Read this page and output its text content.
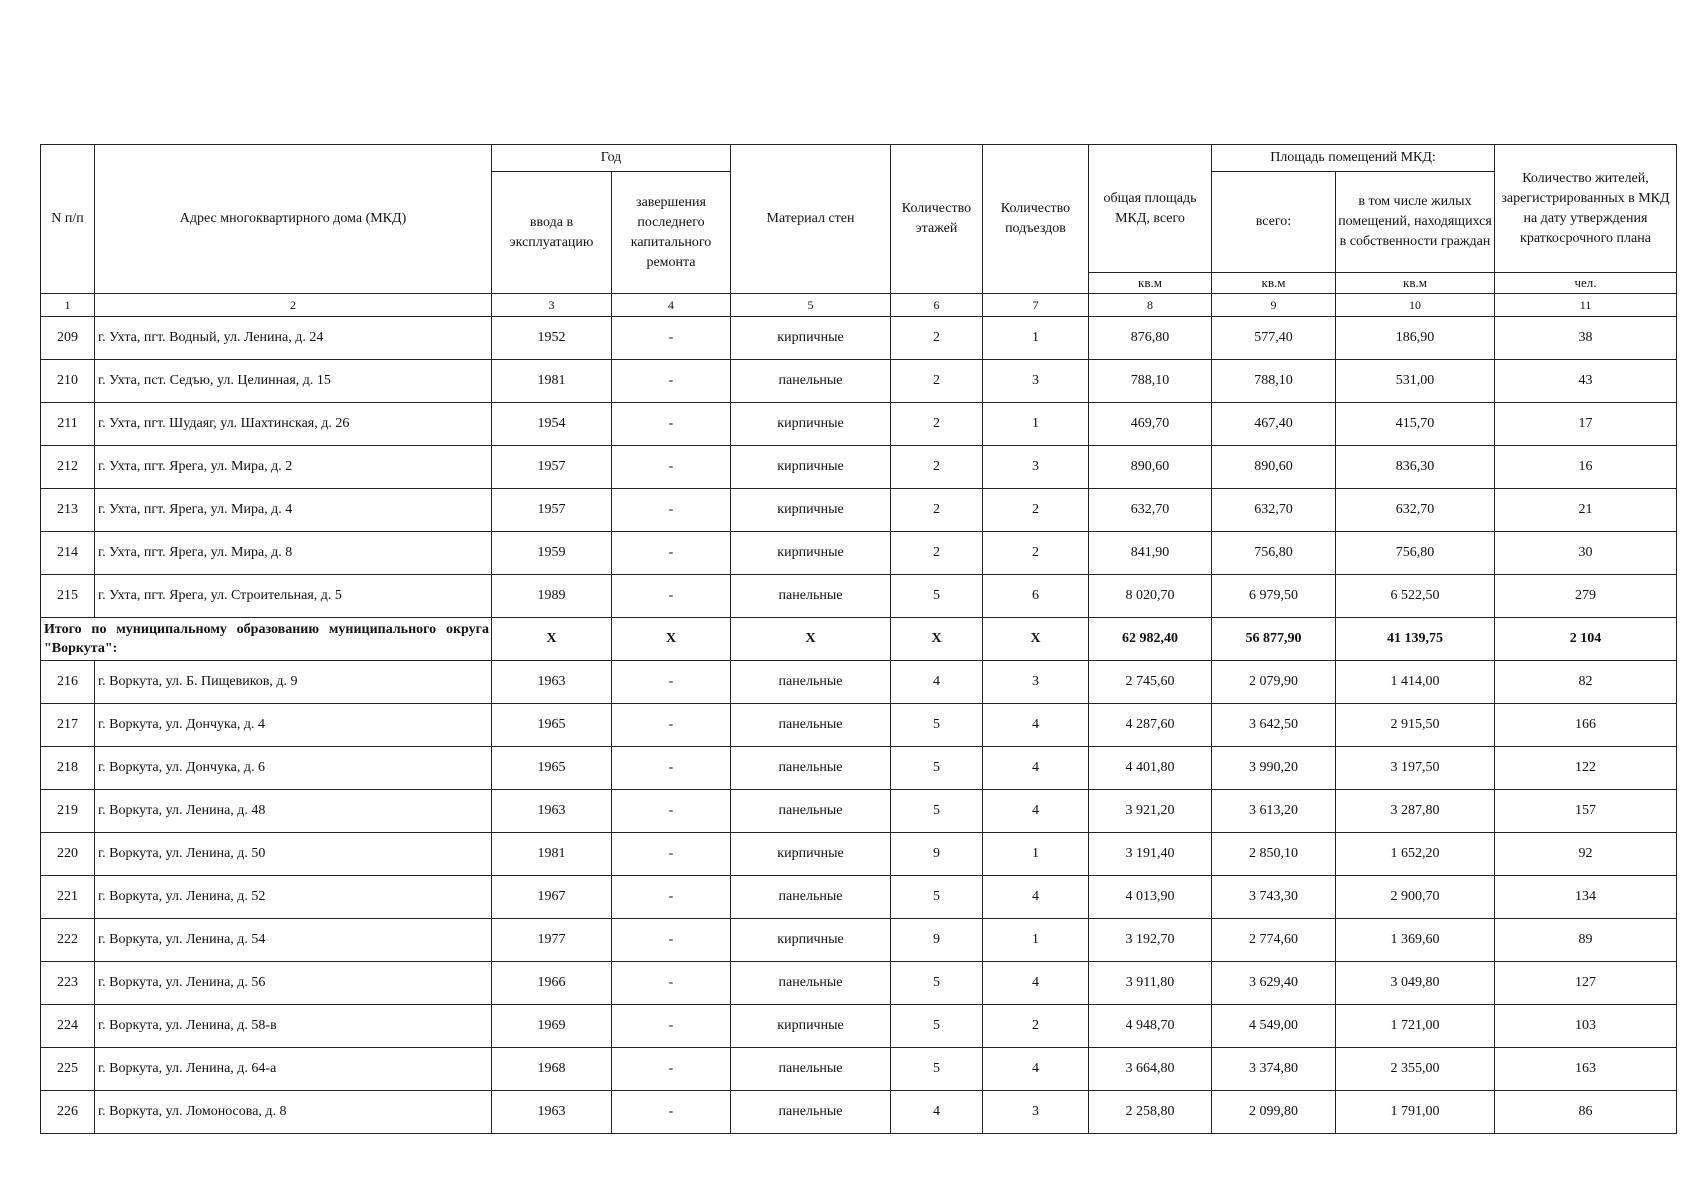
N п/п	Адрес многоквартирного дома (МКД)	Год		Материал стен	Количество этажей	Количество подъездов	общая площадь МКД, всего	Площадь помещений МКД:		Количество жителей, зарегистрированных в МКД на дату утверждения краткосрочного плана
		ввода в эксплуатацию	завершения последнего капитального ремонта					всего:	в том числе жилых помещений, находящихся в собственности граждан	
							кв.м	кв.м	кв.м	чел.
1	2	3	4	5	6	7	8	9	10	11
209	г. Ухта, пгт. Водный, ул. Ленина, д. 24	1952	-	кирпичные	2	1	876,80	577,40	186,90	38
210	г. Ухта, пст. Седъю, ул. Целинная, д. 15	1981	-	панельные	2	3	788,10	788,10	531,00	43
211	г. Ухта, пгт. Шудаяг, ул. Шахтинская, д. 26	1954	-	кирпичные	2	1	469,70	467,40	415,70	17
212	г. Ухта, пгт. Ярега, ул. Мира, д. 2	1957	-	кирпичные	2	3	890,60	890,60	836,30	16
213	г. Ухта, пгт. Ярега, ул. Мира, д. 4	1957	-	кирпичные	2	2	632,70	632,70	632,70	21
214	г. Ухта, пгт. Ярега, ул. Мира, д. 8	1959	-	кирпичные	2	2	841,90	756,80	756,80	30
215	г. Ухта, пгт. Ярега, ул. Строительная, д. 5	1989	-	панельные	5	6	8 020,70	6 979,50	6 522,50	279
Итого по муниципальному образованию муниципального округа "Воркута":		X	X	X	X	X	62 982,40	56 877,90	41 139,75	2 104
216	г. Воркута, ул. Б. Пищевиков, д. 9	1963	-	панельные	4	3	2 745,60	2 079,90	1 414,00	82
217	г. Воркута, ул. Дончука, д. 4	1965	-	панельные	5	4	4 287,60	3 642,50	2 915,50	166
218	г. Воркута, ул. Дончука, д. 6	1965	-	панельные	5	4	4 401,80	3 990,20	3 197,50	122
219	г. Воркута, ул. Ленина, д. 48	1963	-	панельные	5	4	3 921,20	3 613,20	3 287,80	157
220	г. Воркута, ул. Ленина, д. 50	1981	-	кирпичные	9	1	3 191,40	2 850,10	1 652,20	92
221	г. Воркута, ул. Ленина, д. 52	1967	-	панельные	5	4	4 013,90	3 743,30	2 900,70	134
222	г. Воркута, ул. Ленина, д. 54	1977	-	кирпичные	9	1	3 192,70	2 774,60	1 369,60	89
223	г. Воркута, ул. Ленина, д. 56	1966	-	панельные	5	4	3 911,80	3 629,40	3 049,80	127
224	г. Воркута, ул. Ленина, д. 58-в	1969	-	кирпичные	5	2	4 948,70	4 549,00	1 721,00	103
225	г. Воркута, ул. Ленина, д. 64-а	1968	-	панельные	5	4	3 664,80	3 374,80	2 355,00	163
226	г. Воркута, ул. Ломоносова, д. 8	1963	-	панельные	4	3	2 258,80	2 099,80	1 791,00	86
